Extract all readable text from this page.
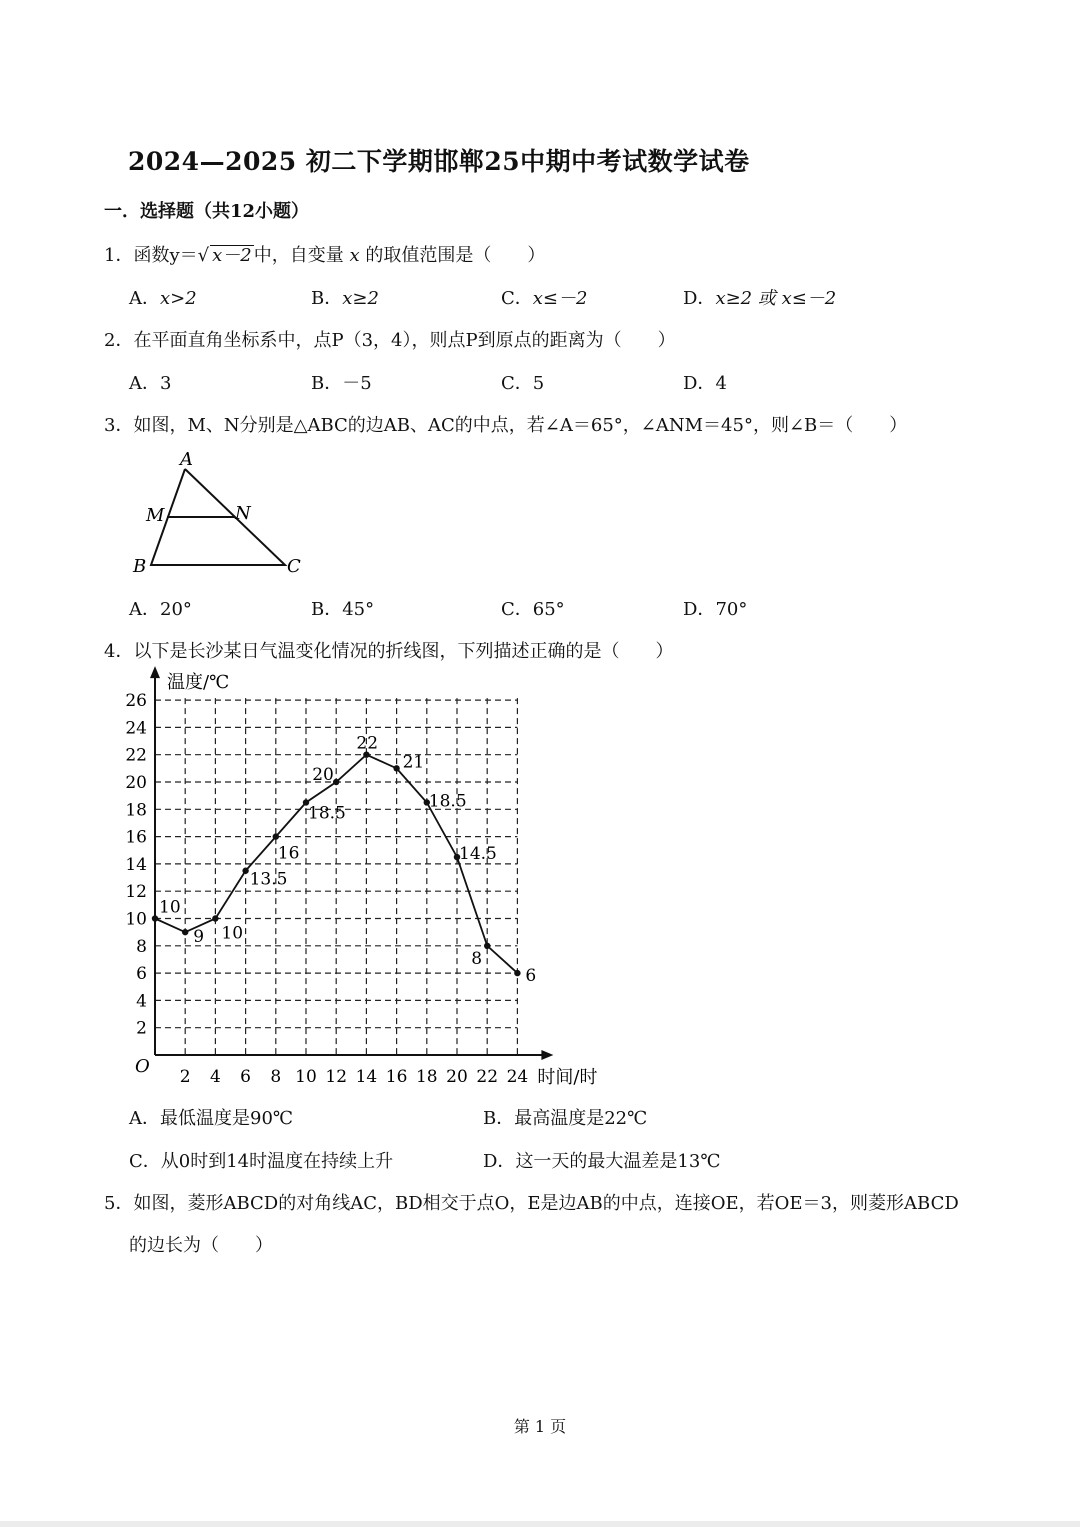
2024—2025 初二下学期邯郸25中期中考试数学试卷
一．选择题（共12小题）
1．函数y＝√ x－2 中，自变量 x 的取值范围是（　　）
A．x>2	B．x≥2	C．x≤－2	D．x≥2 或 x≤－2
2．在平面直角坐标系中，点P（3，4），则点P到原点的距离为（　　）
A．3	B．－5	C．5	D．4
3．如图，M、N分别是△ABC的边AB、AC的中点，若∠A＝65°，∠ANM＝45°，则∠B＝（　　）
A
B	C
M	N
A．20°	B．45°	C．65°	D．70°
4．以下是长沙某日气温变化情况的折线图，下列描述正确的是（　　）
2 4 6 8 10 12 14 16 18 20 22 24
2
4
6
8
10
12
14
16
18
20
22
24
26
10
9 10
13.5
16
18.5
20
22
21
18.5
14.5
8
6
温度/℃
时间/时
O
A．最低温度是90℃	B．最高温度是22℃
C．从0时到14时温度在持续上升	D．这一天的最大温差是13℃
5．如图，菱形ABCD的对角线AC，BD相交于点O，E是边AB的中点，连接OE，若OE＝3，则菱形ABCD
的边长为（　　）
第 1 页
